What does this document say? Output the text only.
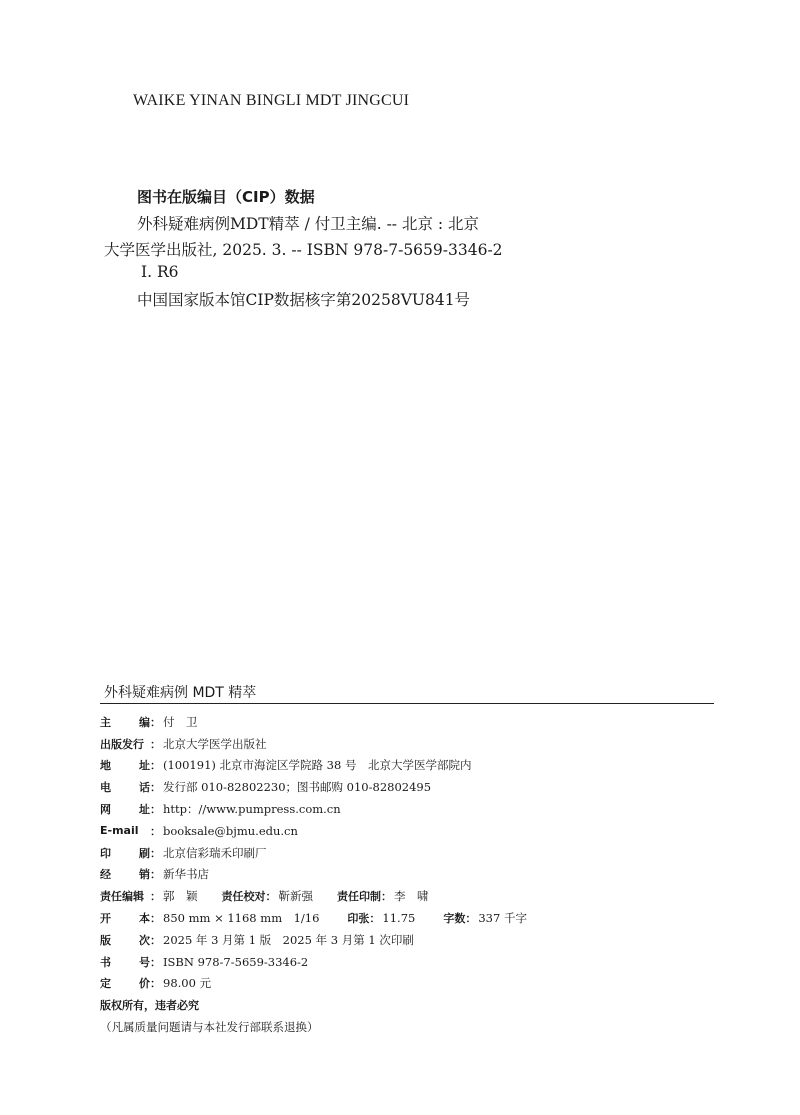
WAIKE YINAN BINGLI MDT JINGCUI
图书在版编目（CIP）数据
外科疑难病例MDT精萃 / 付卫主编. -- 北京 : 北京
大学医学出版社, 2025. 3. -- ISBN 978-7-5659-3346-2
Ⅰ. R6
中国国家版本馆CIP数据核字第20258VU841号
外科疑难病例 MDT 精萃
主	编 ： 付　卫
出版发行 ： 北京大学医学出版社
地	址 ： (100191) 北京市海淀区学院路 38 号　北京大学医学部院内
电	话 ： 发行部 010-82802230；图书邮购 010-82802495
网	址 ： http：//www.pumpress.com.cn
E-mail	： booksale@bjmu.edu.cn
印	刷 ： 北京信彩瑞禾印刷厂
经	销 ： 新华书店
责任编辑 ： 郭　颖 责任校对 ： 靳新强 责任印制 ： 李　啸
开	本 ： 850 mm × 1168 mm　1/16	印张 ： 11.75	字数 ： 337 千字
版	次 ： 2025 年 3 月第 1 版　2025 年 3 月第 1 次印刷
书	号 ： ISBN 978-7-5659-3346-2
定	价 ： 98.00 元
版权所有，违者必究
（凡属质量问题请与本社发行部联系退换）
